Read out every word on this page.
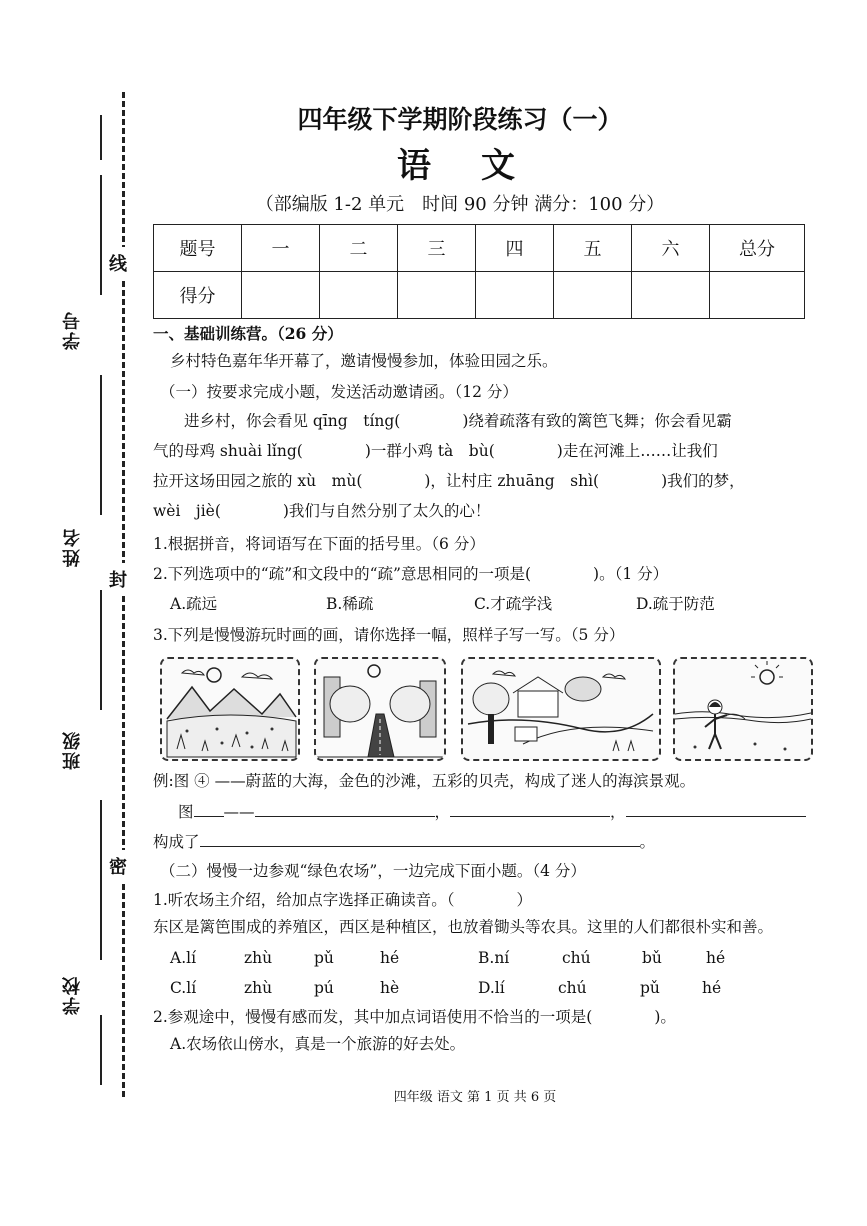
学号
姓名
班级
学校
线
封
密
四年级下学期阶段练习（一）
语　文
（部编版 1-2 单元　时间 90 分钟 满分：100 分）
题号	一	二	三	四	五	六	总分
得分							
一、基础训练营。（26 分）
乡村特色嘉年华开幕了，邀请慢慢参加，体验田园之乐。
（一）按要求完成小题，发送活动邀请函。（12 分）
　　进乡村，你会看见 qīng　tíng(　　　　)绕着疏落有致的篱笆飞舞；你会看见霸
气的母鸡 shuài lǐng(　　　　)一群小鸡 tà　bù(　　　　)走在河滩上……让我们
拉开这场田园之旅的 xù　mù(　　　　)，让村庄 zhuāng　shì(　　　　)我们的梦，
wèi　jiè(　　　　)我们与自然分别了太久的心！
1.根据拼音，将词语写在下面的括号里。（6 分）
2.下列选项中的“疏”和文段中的“疏”意思相同的一项是(　　　　)。（1 分）
A.疏远	B.稀疏	C.才疏学浅	D.疏于防范
3.下列是慢慢游玩时画的画，请你选择一幅，照样子写一写。（5 分）
例:图 ④ ——蔚蓝的大海，金色的沙滩，五彩的贝壳，构成了迷人的海滨景观。
图 ——	，	，
构成了	。
（二）慢慢一边参观“绿色农场”，一边完成下面小题。（4 分）
1.听农场主介绍，给加点字选择正确读音。（　　　　）
东区是篱笆围成的养殖区，西区是种植区，也放着锄头等农具。这里的人们都很朴实和善。
A.lí	zhù	pǔ	hé	B.ní	chú	bǔ	hé
C.lí	zhù	pú	hè	D.lí	chú	pǔ	hé
2.参观途中，慢慢有感而发，其中加点词语使用不恰当的一项是(　　　　)。
A.农场依山傍水，真是一个旅游的好去处。
四年级 语文 第 1 页 共 6 页
